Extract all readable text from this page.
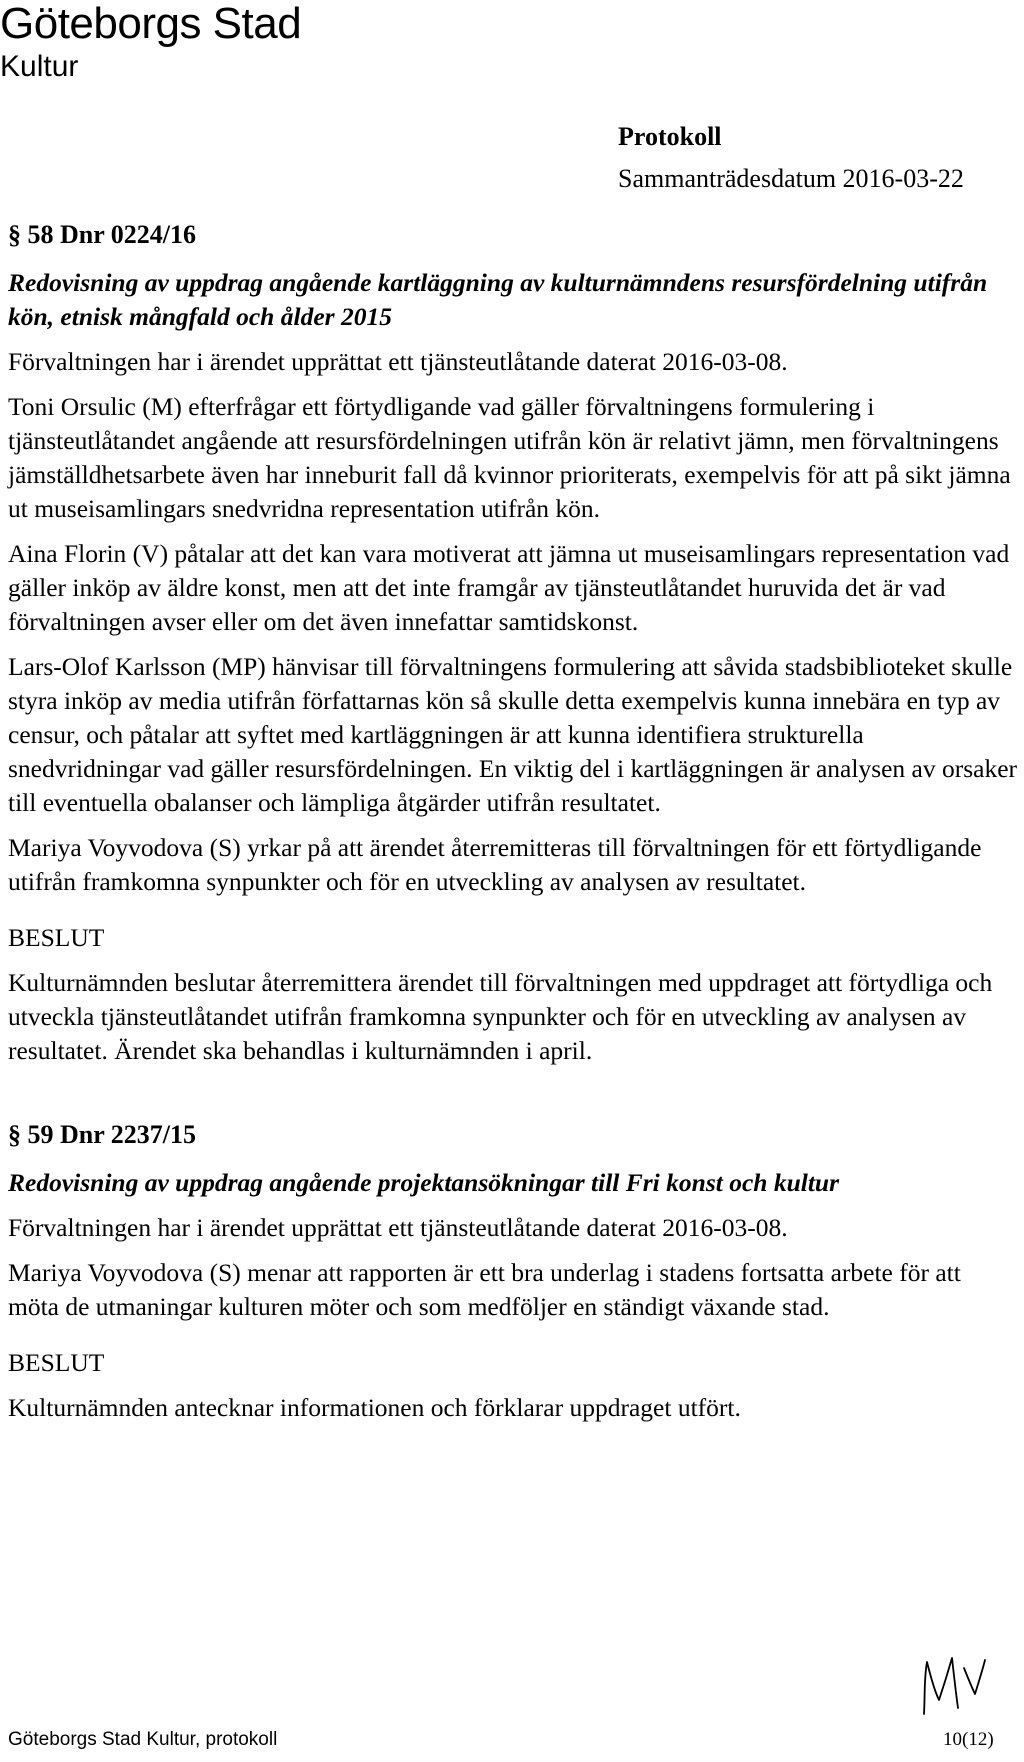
Göteborgs Stad
Kultur
Protokoll
Sammanträdesdatum 2016-03-22

§ 58 Dnr 0224/16

Redovisning av uppdrag angående kartläggning av kulturnämndens resursfördelning utifrån kön, etnisk mångfald och ålder 2015

Förvaltningen har i ärendet upprättat ett tjänsteutlåtande daterat 2016-03-08.

Toni Orsulic (M) efterfrågar ett förtydligande vad gäller förvaltningens formulering i tjänsteutlåtandet angående att resursfördelningen utifrån kön är relativt jämn, men förvaltningens jämställdhetsarbete även har inneburit fall då kvinnor prioriterats, exempelvis för att på sikt jämna ut museisamlingars snedvridna representation utifrån kön.

Aina Florin (V) påtalar att det kan vara motiverat att jämna ut museisamlingars representation vad gäller inköp av äldre konst, men att det inte framgår av tjänsteutlåtandet huruvida det är vad förvaltningen avser eller om det även innefattar samtidskonst.

Lars-Olof Karlsson (MP) hänvisar till förvaltningens formulering att såvida stadsbiblioteket skulle styra inköp av media utifrån författarnas kön så skulle detta exempelvis kunna innebära en typ av censur, och påtalar att syftet med kartläggningen är att kunna identifiera strukturella snedvridningar vad gäller resursfördelningen. En viktig del i kartläggningen är analysen av orsaker till eventuella obalanser och lämpliga åtgärder utifrån resultatet.

Mariya Voyvodova (S) yrkar på att ärendet återremitteras till förvaltningen för ett förtydligande utifrån framkomna synpunkter och för en utveckling av analysen av resultatet.

BESLUT

Kulturnämnden beslutar återremittera ärendet till förvaltningen med uppdraget att förtydliga och utveckla tjänsteutlåtandet utifrån framkomna synpunkter och för en utveckling av analysen av resultatet. Ärendet ska behandlas i kulturnämnden i april.

§ 59 Dnr 2237/15

Redovisning av uppdrag angående projektansökningar till Fri konst och kultur

Förvaltningen har i ärendet upprättat ett tjänsteutlåtande daterat 2016-03-08.

Mariya Voyvodova (S) menar att rapporten är ett bra underlag i stadens fortsatta arbete för att möta de utmaningar kulturen möter och som medföljer en ständigt växande stad.

BESLUT

Kulturnämnden antecknar informationen och förklarar uppdraget utfört.

Göteborgs Stad Kultur, protokoll	10(12)
